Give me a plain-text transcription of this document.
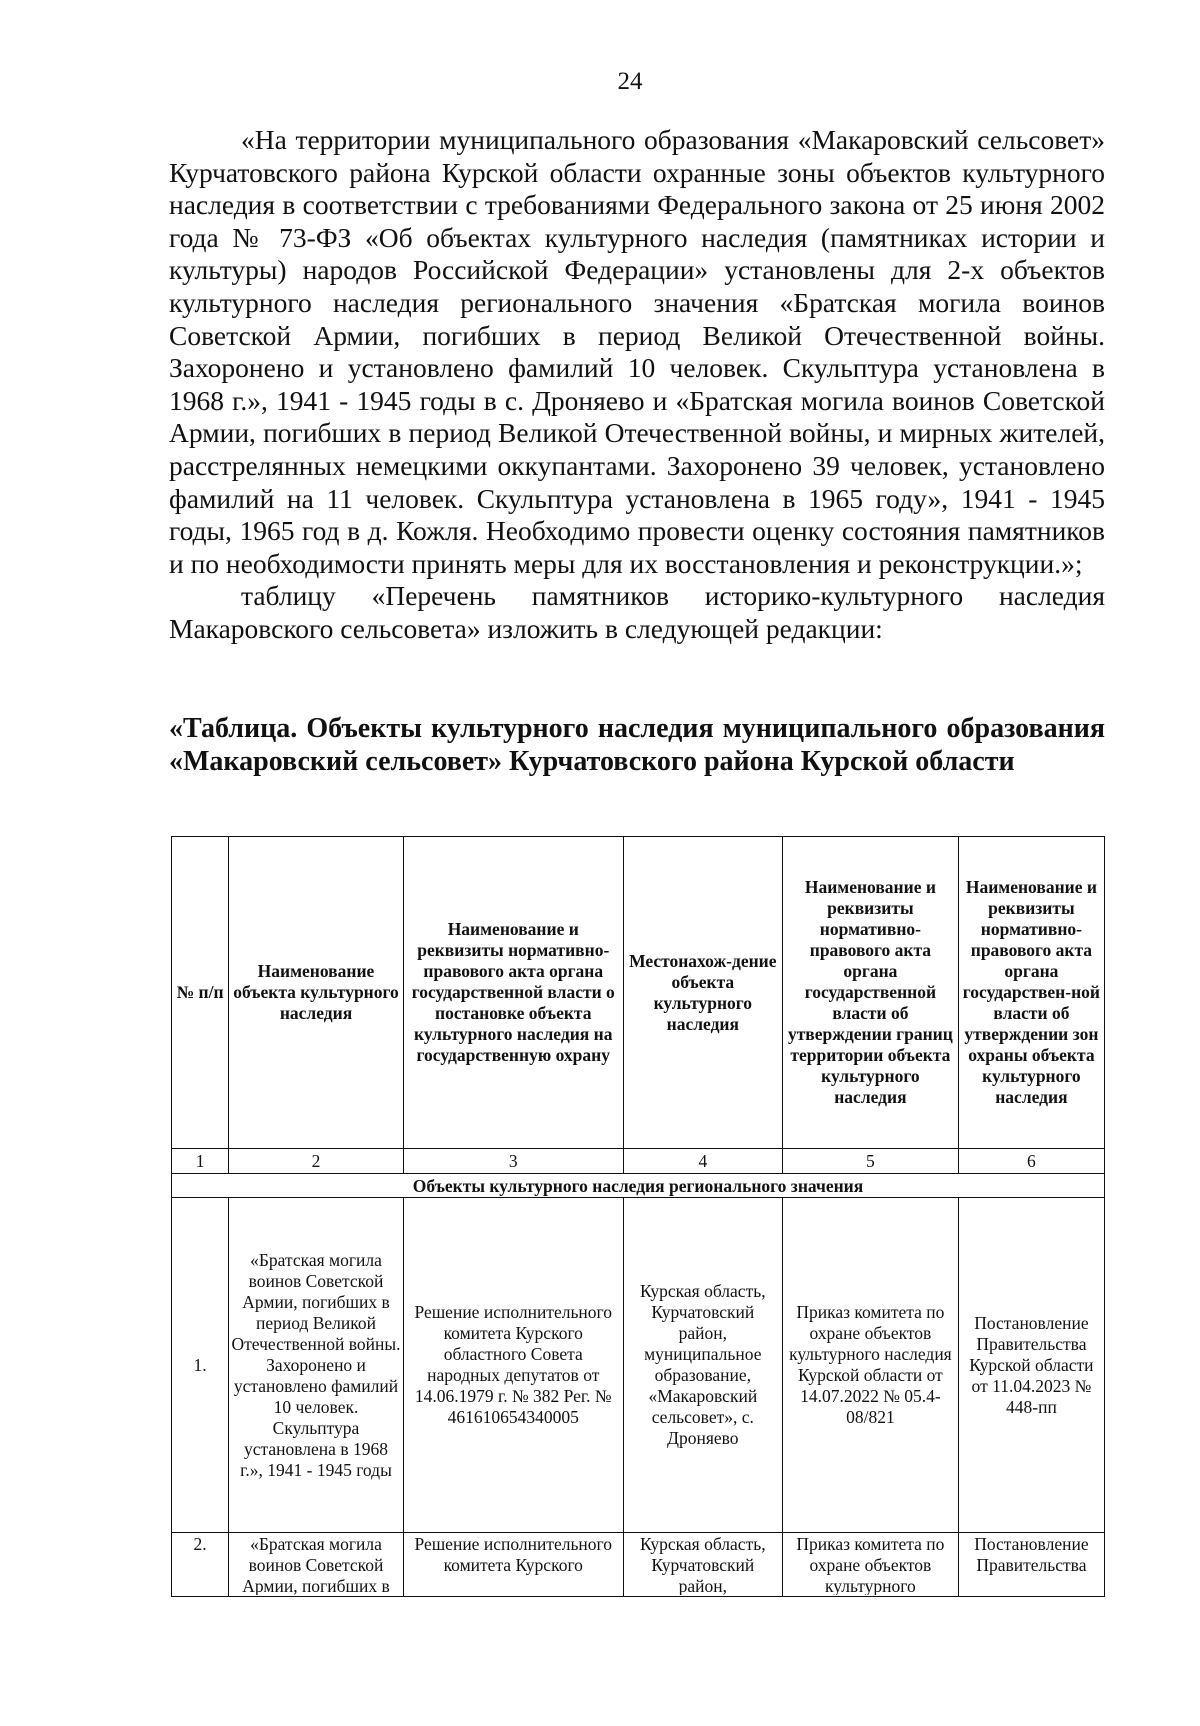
24

«На территории муниципального образования «Макаровский сельсовет» Курчатовского района Курской области охранные зоны объектов культурного наследия в соответствии с требованиями Федерального закона от 25 июня 2002 года № 73-ФЗ «Об объектах культурного наследия (памятниках истории и культуры) народов Российской Федерации» установлены для 2-х объектов культурного наследия регионального значения «Братская могила воинов Советской Армии, погибших в период Великой Отечественной войны. Захоронено и установлено фамилий 10 человек. Скульптура установлена в 1968 г.», 1941 - 1945 годы в с. Дроняево и «Братская могила воинов Советской Армии, погибших в период Великой Отечественной войны, и мирных жителей, расстрелянных немецкими оккупантами. Захоронено 39 человек, установлено фамилий на 11 человек. Скульптура установлена в 1965 году», 1941 - 1945 годы, 1965 год в д. Кожля. Необходимо провести оценку состояния памятников и по необходимости принять меры для их восстановления и реконструкции.»;

таблицу «Перечень памятников историко-культурного наследия Макаровского сельсовета» изложить в следующей редакции:

«Таблица. Объекты культурного наследия муниципального образования «Макаровский сельсовет» Курчатовского района Курской области
№ п/п	Наименование объекта культурного наследия	Наименование и реквизиты нормативно-правового акта органа государственной власти о постановке объекта культурного наследия на государственную охрану	Местонахож-дение объекта культурного наследия	Наименование и реквизиты нормативно-правового акта органа государственной власти об утверждении границ территории объекта культурного наследия	Наименование и реквизиты нормативно-правового акта органа государствен-ной власти об утверждении зон охраны объекта культурного наследия
1	2	3	4	5	6
Объекты культурного наследия регионального значения					
1.	«Братская могила воинов Советской Армии, погибших в период Великой Отечественной войны. Захоронено и установлено фамилий 10 человек. Скульптура установлена в 1968 г.», 1941 - 1945 годы	Решение исполнительного комитета Курского областного Совета народных депутатов от 14.06.1979 г. № 382 Рег. № 461610654340005	Курская область, Курчатовский район, муниципальное образование, «Макаровский сельсовет», с. Дроняево	Приказ комитета по охране объектов культурного наследия Курской области от 14.07.2022 № 05.4-08/821	Постановление Правительства Курской области от 11.04.2023 № 448-пп

2.	«Братская могила воинов Советской Армии, погибших в	Решение исполнительного комитета Курского	Курская область, Курчатовский район,	Приказ комитета по охране объектов культурного	Постановление Правительства
